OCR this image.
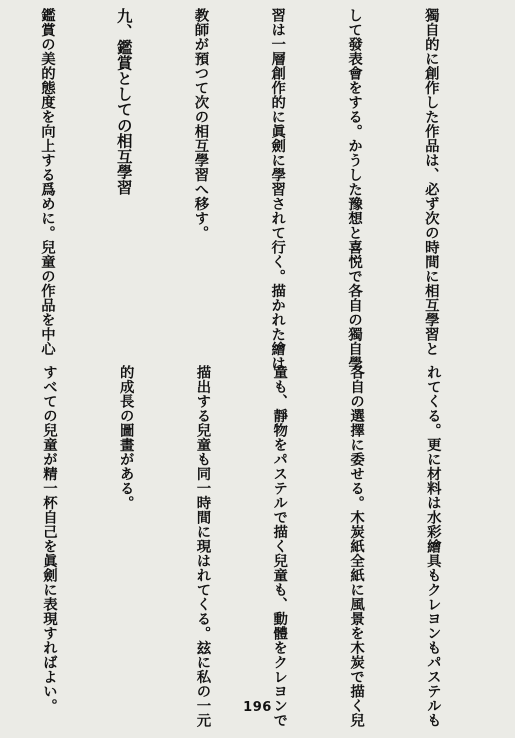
獨自的に創作した作品は、必ず次の時間に相互學習と

して發表會をする。かうした豫想と喜悦で各自の獨自學

習は一層創作的に眞劍に學習されて行く。描かれた繪は

教師が預つて次の相互學習へ移す。

九、鑑賞としての相互學習

鑑賞の美的態度を向上する爲めに。兒童の作品を中心

れてくる。更に材料は水彩繪具もクレヨンもパステルも

各自の選擇に委せる。木炭紙全紙に風景を木炭で描く兒

童も、靜物をパステルで描く兒童も、動體をクレヨンで

描出する兒童も同一時間に現はれてくる。玆に私の一元

的成長の圖畫がある。

すべての兒童が精一杯自己を眞劍に表現すればよい。

	196
